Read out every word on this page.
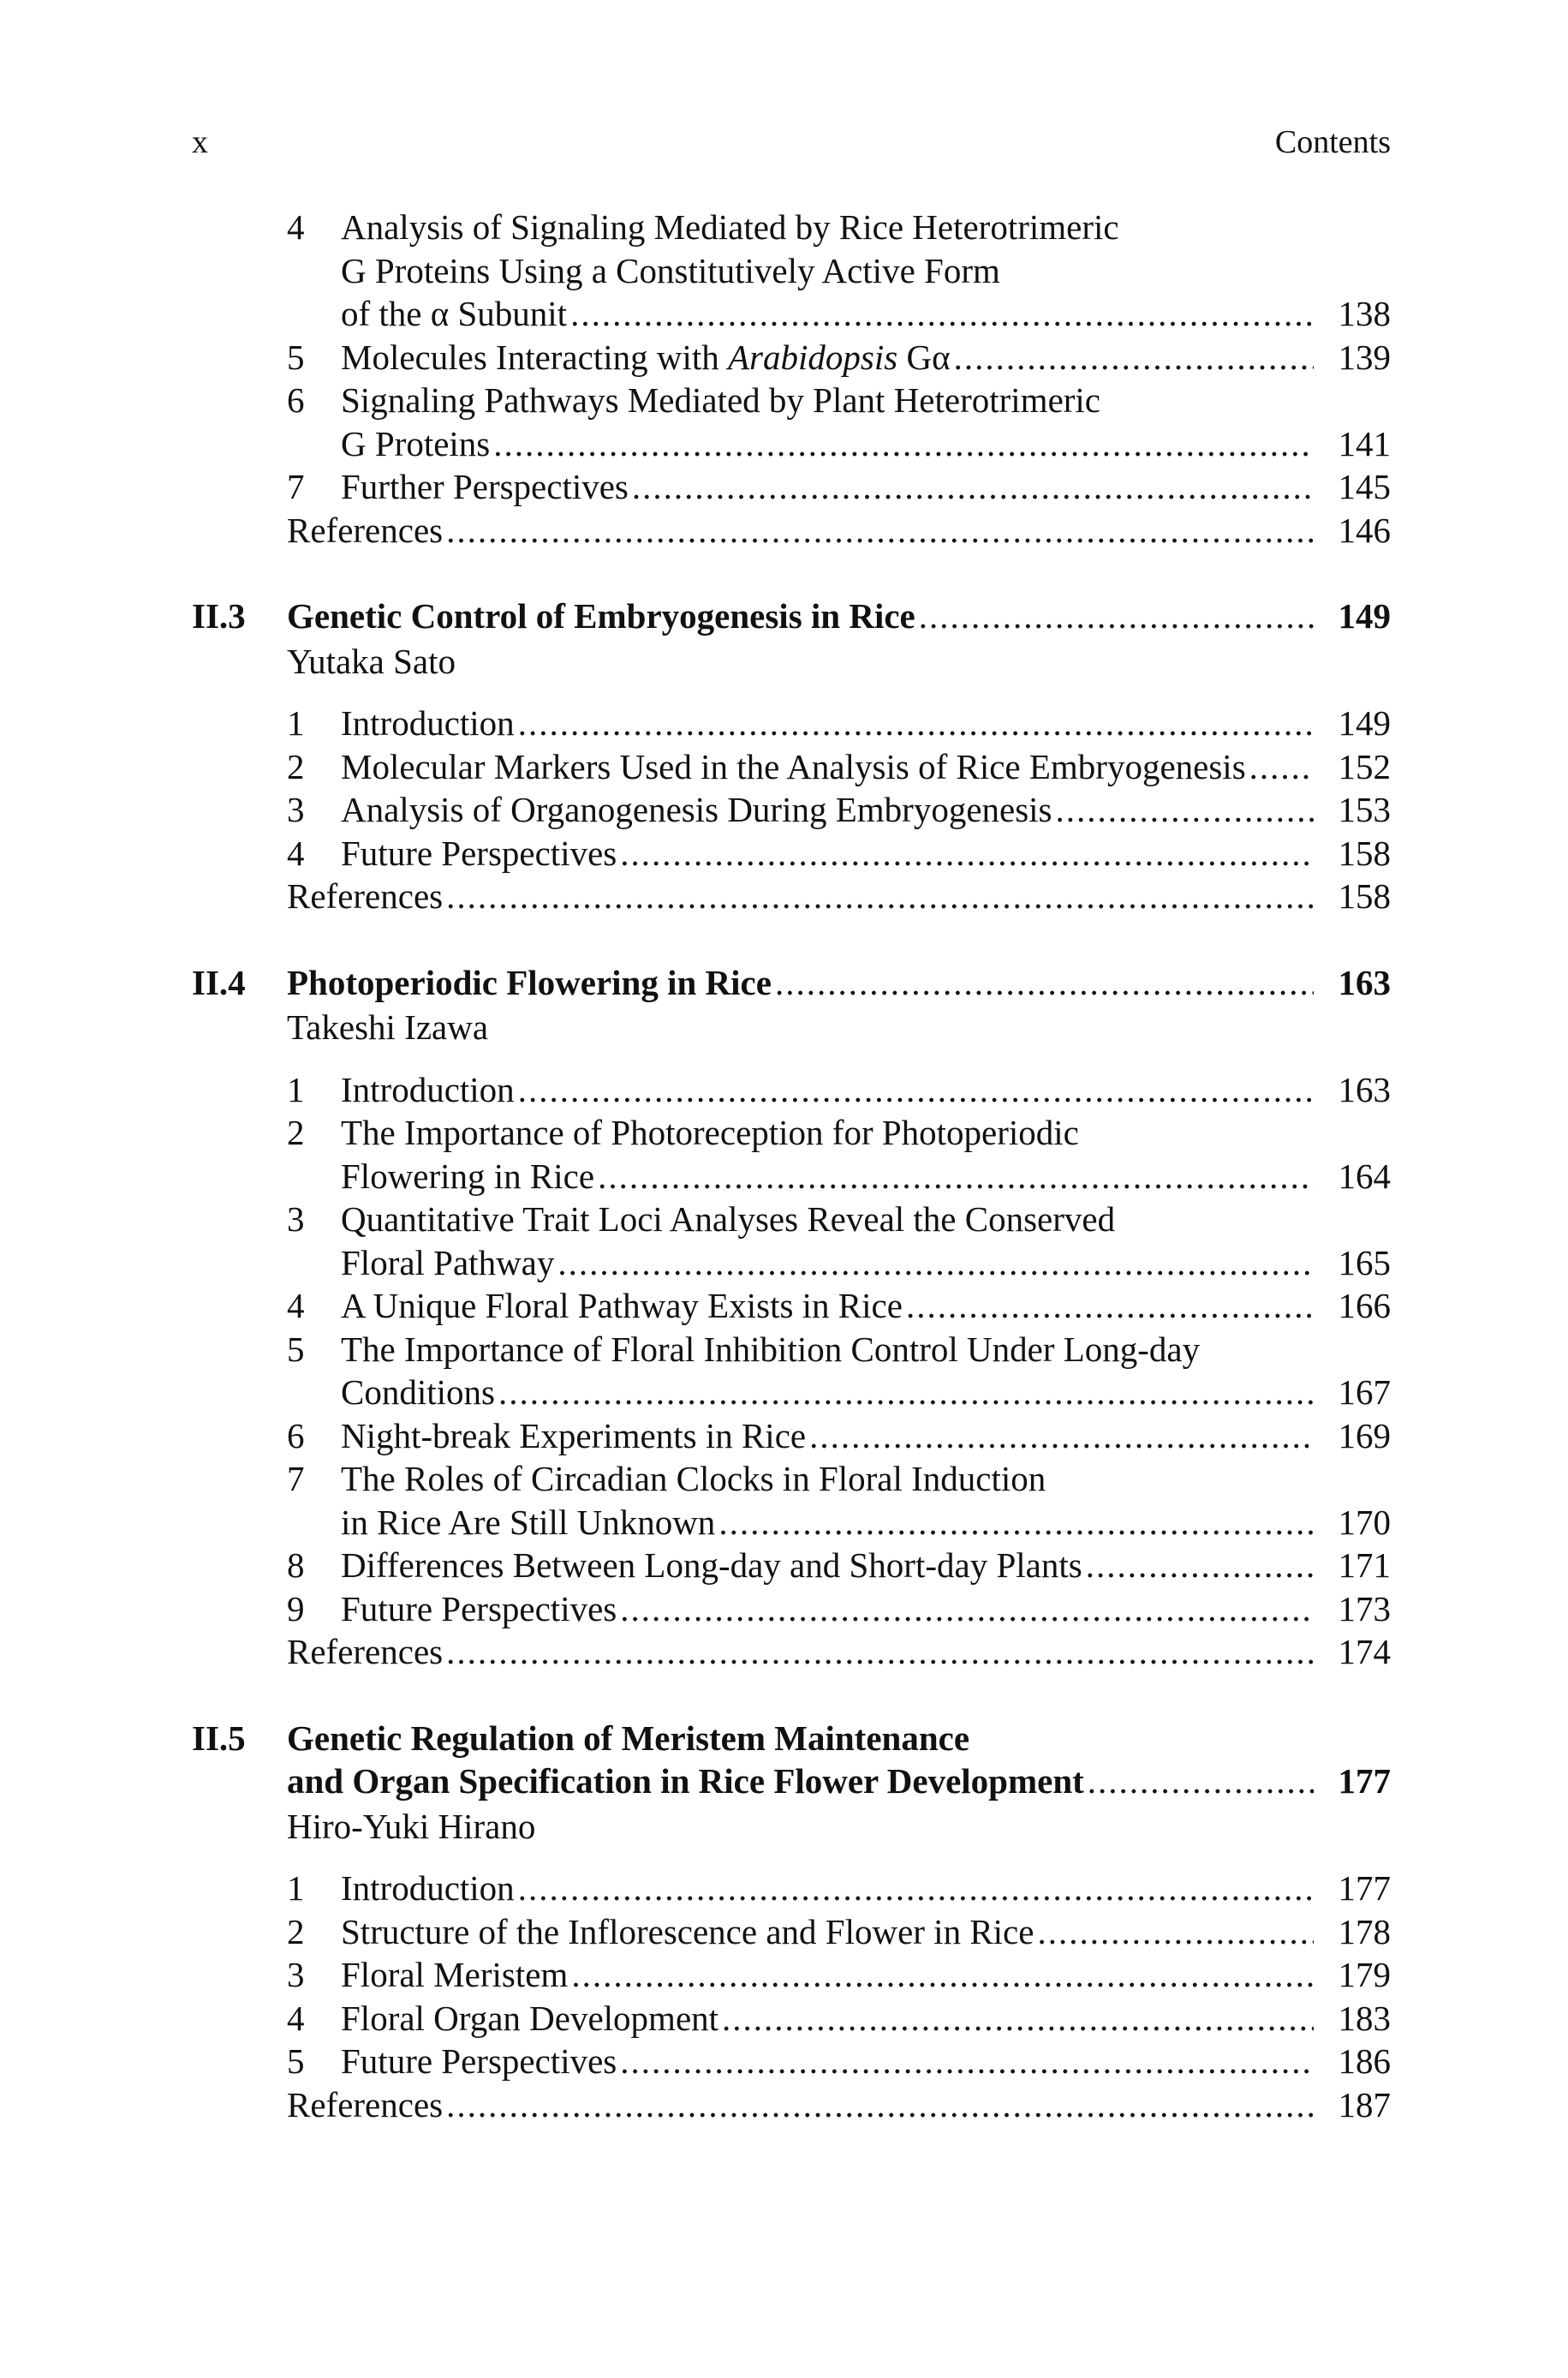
x	Contents
4 Analysis of Signaling Mediated by Rice Heterotrimeric
G Proteins Using a Constitutively Active Form
of the α Subunit .....	138
5 Molecules Interacting with Arabidopsis Gα .....	139
6 Signaling Pathways Mediated by Plant Heterotrimeric
G Proteins .....	141
7 Further Perspectives .....	145
References .....	146
II.3 Genetic Control of Embryogenesis in Rice .....	149
Yutaka Sato
1 Introduction .....	149
2 Molecular Markers Used in the Analysis of Rice Embryogenesis .....	152
3 Analysis of Organogenesis During Embryogenesis .....	153
4 Future Perspectives .....	158
References .....	158
II.4 Photoperiodic Flowering in Rice .....	163
Takeshi Izawa
1 Introduction .....	163
2 The Importance of Photoreception for Photoperiodic
Flowering in Rice .....	164
3 Quantitative Trait Loci Analyses Reveal the Conserved
Floral Pathway .....	165
4 A Unique Floral Pathway Exists in Rice .....	166
5 The Importance of Floral Inhibition Control Under Long-day
Conditions .....	167
6 Night-break Experiments in Rice .....	169
7 The Roles of Circadian Clocks in Floral Induction
in Rice Are Still Unknown .....	170
8 Differences Between Long-day and Short-day Plants .....	171
9 Future Perspectives .....	173
References .....	174
II.5 Genetic Regulation of Meristem Maintenance
and Organ Specification in Rice Flower Development .....	177
Hiro-Yuki Hirano
1 Introduction .....	177
2 Structure of the Inflorescence and Flower in Rice .....	178
3 Floral Meristem .....	179
4 Floral Organ Development .....	183
5 Future Perspectives .....	186
References .....	187
